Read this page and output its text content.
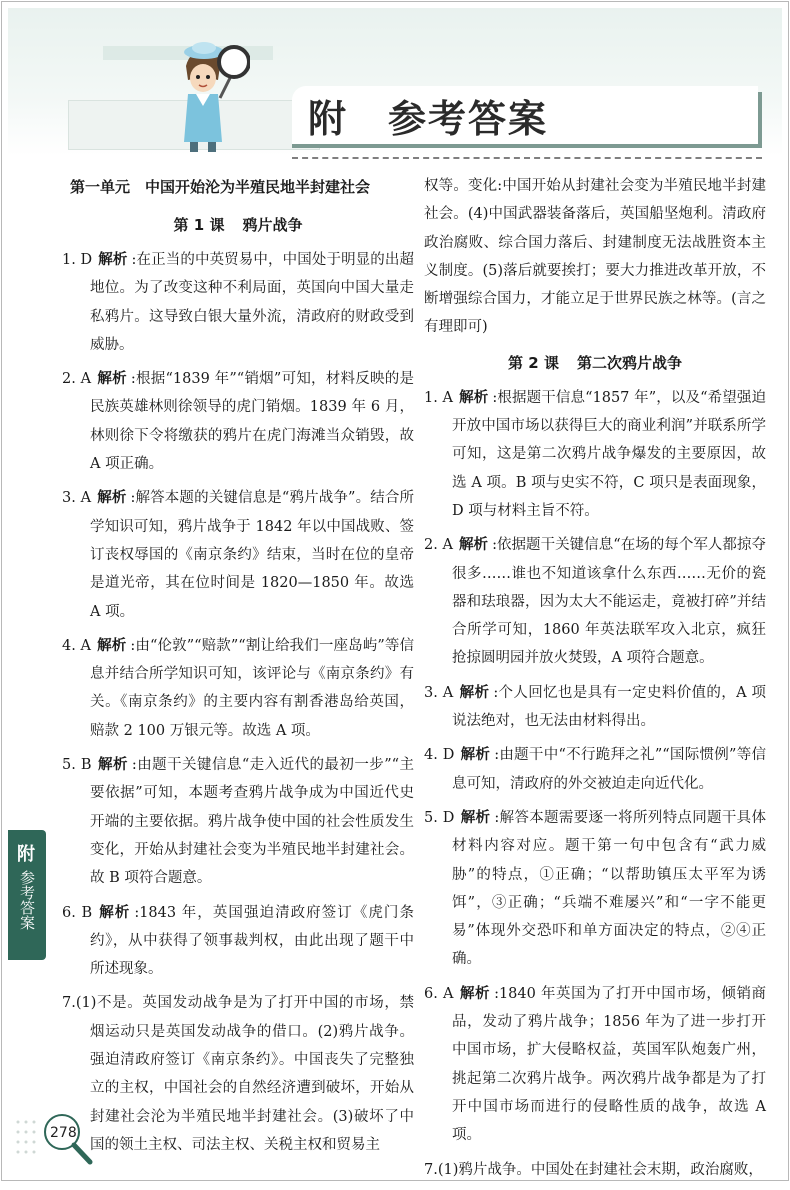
附 参考答案
第一单元　中国开始沦为半殖民地半封建社会
第 1 课 鸦片战争
1. D 解析 :在正当的中英贸易中，中国处于明显的出超地位。为了改变这种不利局面，英国向中国大量走私鸦片。这导致白银大量外流，清政府的财政受到威胁。
2. A 解析 :根据“1839 年”“销烟”可知，材料反映的是民族英雄林则徐领导的虎门销烟。1839 年 6 月，林则徐下令将缴获的鸦片在虎门海滩当众销毁，故 A 项正确。
3. A 解析 :解答本题的关键信息是“鸦片战争”。结合所学知识可知，鸦片战争于 1842 年以中国战败、签订丧权辱国的《南京条约》结束，当时在位的皇帝是道光帝，其在位时间是 1820—1850 年。故选 A 项。
4. A 解析 :由“伦敦”“赔款”“割让给我们一座岛屿”等信息并结合所学知识可知，该评论与《南京条约》有关。《南京条约》的主要内容有割香港岛给英国，赔款 2 100 万银元等。故选 A 项。
5. B 解析 :由题干关键信息“走入近代的最初一步”“主要依据”可知，本题考查鸦片战争成为中国近代史开端的主要依据。鸦片战争使中国的社会性质发生变化，开始从封建社会变为半殖民地半封建社会。故 B 项符合题意。
6. B 解析 :1843 年，英国强迫清政府签订《虎门条约》，从中获得了领事裁判权，由此出现了题干中所述现象。
7.(1)不是。英国发动战争是为了打开中国的市场，禁烟运动只是英国发动战争的借口。(2)鸦片战争。强迫清政府签订《南京条约》。中国丧失了完整独立的主权，中国社会的自然经济遭到破坏，开始从封建社会沦为半殖民地半封建社会。(3)破坏了中国的领土主权、司法主权、关税主权和贸易主
权等。变化:中国开始从封建社会变为半殖民地半封建社会。(4)中国武器装备落后，英国船坚炮利。清政府政治腐败、综合国力落后、封建制度无法战胜资本主义制度。(5)落后就要挨打；要大力推进改革开放，不断增强综合国力，才能立足于世界民族之林等。(言之有理即可)
第 2 课 第二次鸦片战争
1. A 解析 :根据题干信息“1857 年”，以及“希望强迫开放中国市场以获得巨大的商业利润”并联系所学可知，这是第二次鸦片战争爆发的主要原因，故选 A 项。B 项与史实不符，C 项只是表面现象，D 项与材料主旨不符。
2. A 解析 :依据题干关键信息“在场的每个军人都掠夺很多……谁也不知道该拿什么东西……无价的瓷器和珐琅器，因为太大不能运走，竟被打碎”并结合所学可知，1860 年英法联军攻入北京，疯狂抢掠圆明园并放火焚毁，A 项符合题意。
3. A 解析 :个人回忆也是具有一定史料价值的，A 项说法绝对，也无法由材料得出。
4. D 解析 :由题干中“不行跪拜之礼”“国际惯例”等信息可知，清政府的外交被迫走向近代化。
5. D 解析 :解答本题需要逐一将所列特点同题干具体材料内容对应。题干第一句中包含有“武力威胁”的特点，①正确；“以帮助镇压太平军为诱饵”，③正确；“兵端不难屡兴”和“一字不能更易”体现外交恐吓和单方面决定的特点，②④正确。
6. A 解析 :1840 年英国为了打开中国市场，倾销商品，发动了鸦片战争；1856 年为了进一步打开中国市场，扩大侵略权益，英国军队炮轰广州，挑起第二次鸦片战争。两次鸦片战争都是为了打开中国市场而进行的侵略性质的战争，故选 A 项。
7.(1)鸦片战争。中国处在封建社会末期，政治腐败，
附
参考答案
278
